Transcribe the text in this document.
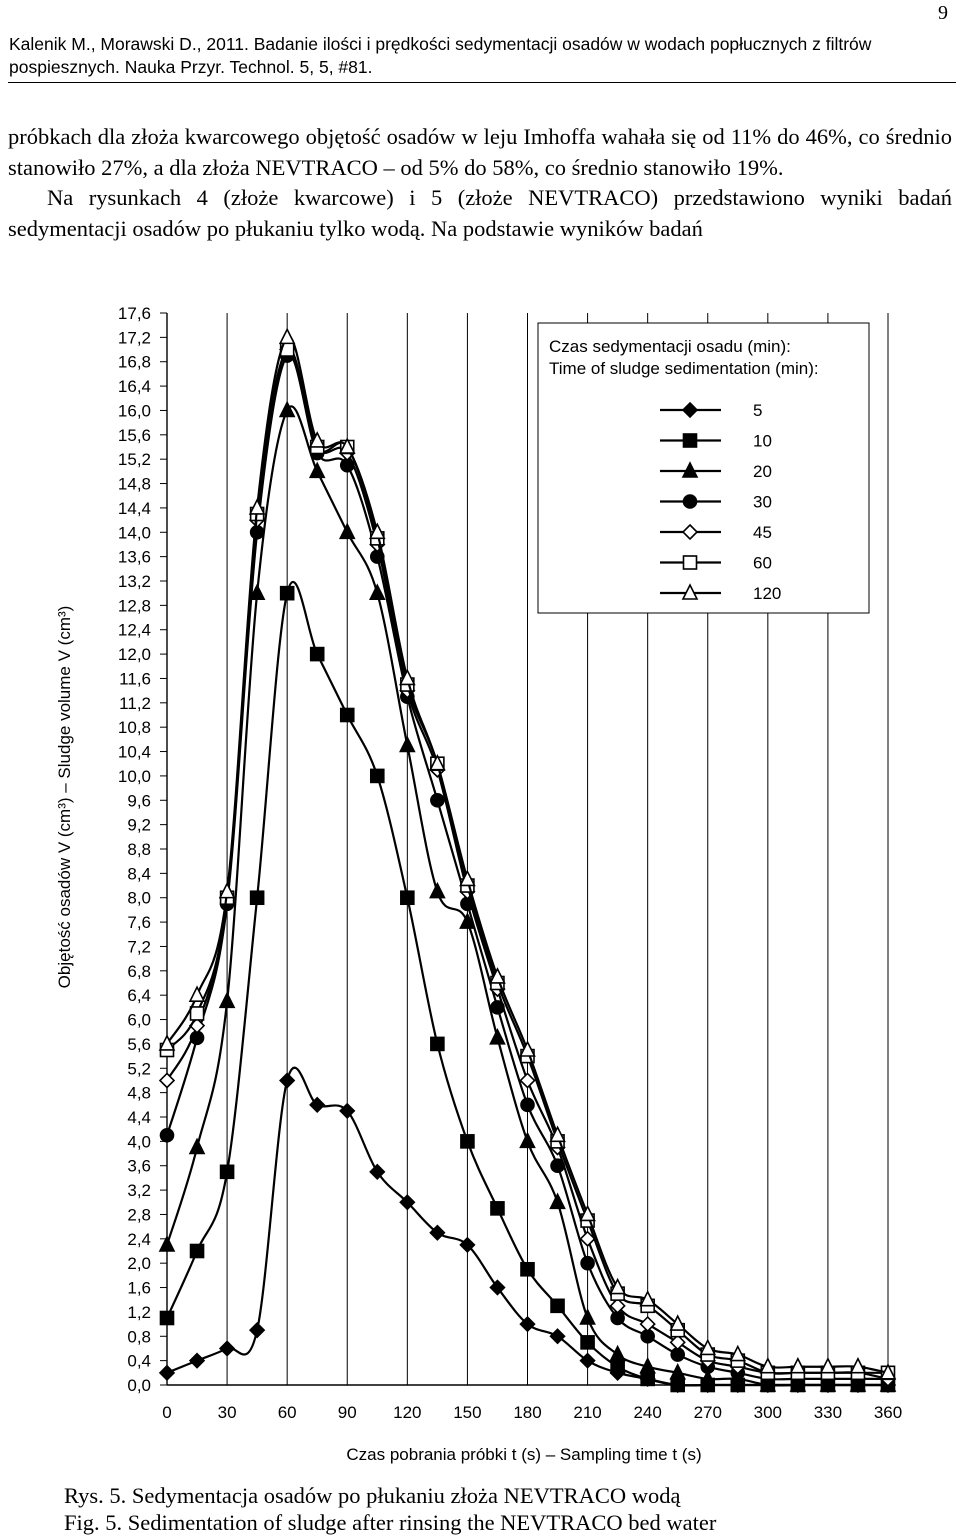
9
Kalenik M., Morawski D., 2011. Badanie ilości i prędkości sedymentacji osadów w wodach popłucznych z filtrów pospiesznych. Nauka Przyr. Technol. 5, 5, #81.

próbkach dla złoża kwarcowego objętość osadów w leju Imhoffa wahała się od 11% do 46%, co średnio stanowiło 27%, a dla złoża NEVTRACO – od 5% do 58%, co średnio stanowiło 19%.

Na rysunkach 4 (złoże kwarcowe) i 5 (złoże NEVTRACO) przedstawiono wyniki badań sedymentacji osadów po płukaniu tylko wodą. Na podstawie wyników badań

0	30 60 90 120 150 180 210 240 270 300 330 360
0,0
0,4
0,8
1,2
1,6
2,0
2,4
2,8
3,2
3,6
4,0
4,4
4,8
5,2
5,6
6,0
6,4
6,8
7,2
7,6
8,0
8,4
8,8
9,2
9,6
10,0
10,4
10,8
11,2
11,6
12,0
12,4
12,8
13,2
13,6
14,0
14,4
14,8
15,2
15,6
16,0
16,4
16,8
17,2
17,6
Czas sedymentacji osadu (min):
Time of sludge sedimentation (min):
5
10
20
30
45
60
120
Objętość osadów V (cm³) – Sludge volume V (cm³)
Czas pobrania próbki t (s) – Sampling time t (s)
Rys. 5. Sedymentacja osadów po płukaniu złoża NEVTRACO wodą
Fig. 5. Sedimentation of sludge after rinsing the NEVTRACO bed water
